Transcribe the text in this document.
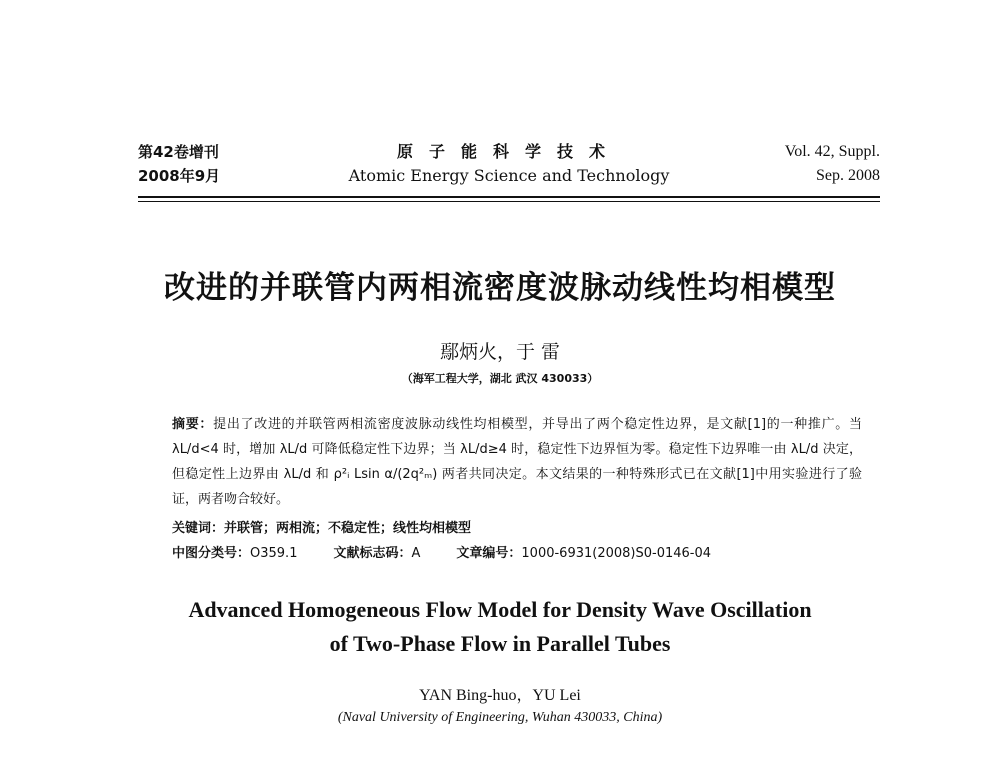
第42卷增刊
2008年9月
原子能科学技术
Atomic Energy Science and Technology
Vol. 42, Suppl.
Sep. 2008
改进的并联管内两相流密度波脉动线性均相模型
鄢炳火，于 雷
（海军工程大学，湖北 武汉 430033）
摘要：提出了改进的并联管两相流密度波脉动线性均相模型，并导出了两个稳定性边界，是文献[1]的一种推广。当 λL/d<4 时，增加 λL/d 可降低稳定性下边界；当 λL/d≥4 时，稳定性下边界恒为零。稳定性下边界唯一由 λL/d 决定，但稳定性上边界由 λL/d 和 ρ²ᵢ Lsin α/(2q²ₘ) 两者共同决定。本文结果的一种特殊形式已在文献[1]中用实验进行了验证，两者吻合较好。
关键词：并联管；两相流；不稳定性；线性均相模型
中图分类号：O359.1	文献标志码：A	文章编号：1000-6931(2008)S0-0146-04
Advanced Homogeneous Flow Model for Density Wave Oscillation
of Two-Phase Flow in Parallel Tubes
YAN Bing-huo，YU Lei
(Naval University of Engineering, Wuhan 430033, China)
